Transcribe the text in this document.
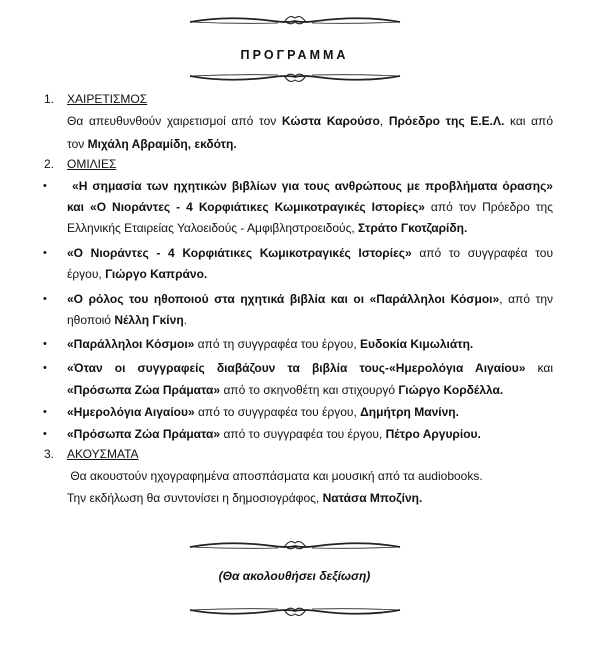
ΠΡΟΓΡΑΜΜΑ
1. ΧΑΙΡΕΤΙΣΜΟΣ
Θα απευθυνθούν χαιρετισμοί από τον Κώστα Καρούσο, Πρόεδρο της Ε.Ε.Λ. και από
τον Μιχάλη Αβραμίδη, εκδότη.
2. ΟΜΙΛΙΕΣ
•	«Η σημασία των ηχητικών βιβλίων για τους ανθρώπους με προβλήματα όρασης»
και «Ο Νιοράντες - 4 Κορφιάτικες Κωμικοτραγικές Ιστορίες» από τον Πρόεδρο της
Ελληνικής Εταιρείας Υαλοειδούς - Αμφιβληστροειδούς, Στράτο Γκοτζαρίδη.
• «Ο Νιοράντες - 4 Κορφιάτικες Κωμικοτραγικές Ιστορίες» από το συγγραφέα του
έργου, Γιώργο Καπράνο.
• «Ο ρόλος του ηθοποιού στα ηχητικά βιβλία και οι «Παράλληλοι Κόσμοι», από την
ηθοποιό Νέλλη Γκίνη.
• «Παράλληλοι Κόσμοι» από τη συγγραφέα του έργου, Ευδοκία Κιμωλιάτη.
• «Όταν οι συγγραφείς διαβάζουν τα βιβλία τους-«Ημερολόγια Αιγαίου» και
«Πρόσωπα Ζώα Πράματα» από το σκηνοθέτη και στιχουργό Γιώργο Κορδέλλα.
• «Ημερολόγια Αιγαίου» από το συγγραφέα του έργου, Δημήτρη Μανίνη.
• «Πρόσωπα Ζώα Πράματα» από το συγγραφέα του έργου, Πέτρο Αργυρίου.
3. ΑΚΟΥΣΜΑΤΑ
Θα ακουστούν ηχογραφημένα αποσπάσματα και μουσική από τα audiobooks.
Την εκδήλωση θα συντονίσει η δημοσιογράφος, Νατάσα Μποζίνη.
(Θα ακολουθήσει δεξίωση)
